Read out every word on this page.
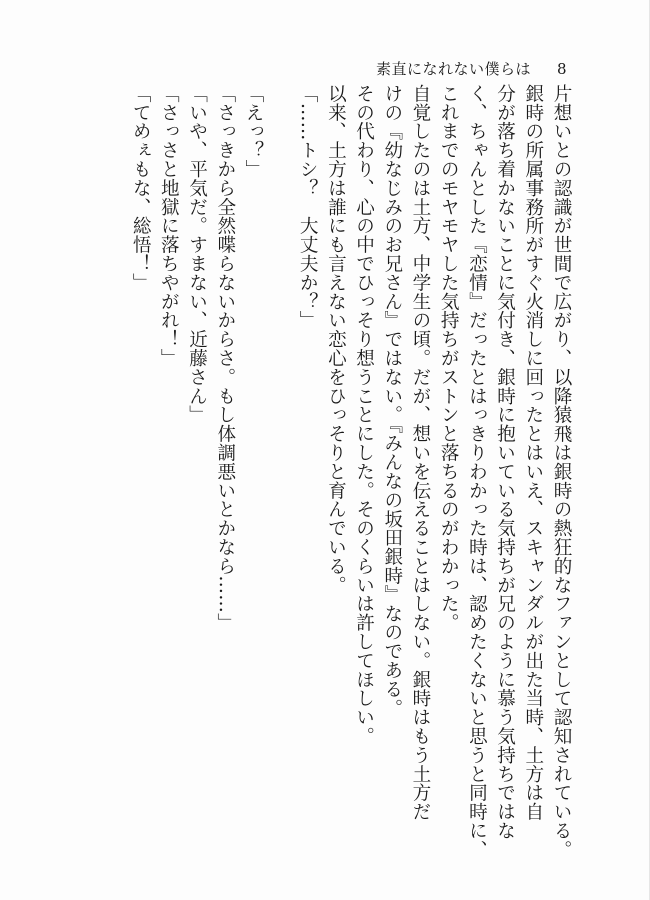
素直になれない僕らは 8

片想いとの認識が世間で広がり、以降猿飛は銀時の熱狂的なファンとして認知されている。

銀時の所属事務所がすぐ火消しに回ったとはいえ、スキャンダルが出た当時、土方は自

分が落ち着かないことに気付き、銀時に抱いている気持ちが兄のように慕う気持ちではな

く、ちゃんとした『恋情』だったとはっきりわかった時は、認めたくないと思うと同時に、

これまでのモヤモヤした気持ちがストンと落ちるのがわかった。

自覚したのは土方、中学生の頃。だが、想いを伝えることはしない。銀時はもう土方だ

けの『幼なじみのお兄さん』ではない。『みんなの坂田銀時』なのである。

その代わり、心の中でひっそり想うことにした。そのくらいは許してほしい。

以来、土方は誰にも言えない恋心をひっそりと育んでいる。

「……トシ？　大丈夫か？」

「えっ？」

「さっきから全然喋らないからさ。もし体調悪いとかなら……」

「いや、平気だ。すまない、近藤さん」

「さっさと地獄に落ちやがれ！」

「てめぇもな、総悟！」
